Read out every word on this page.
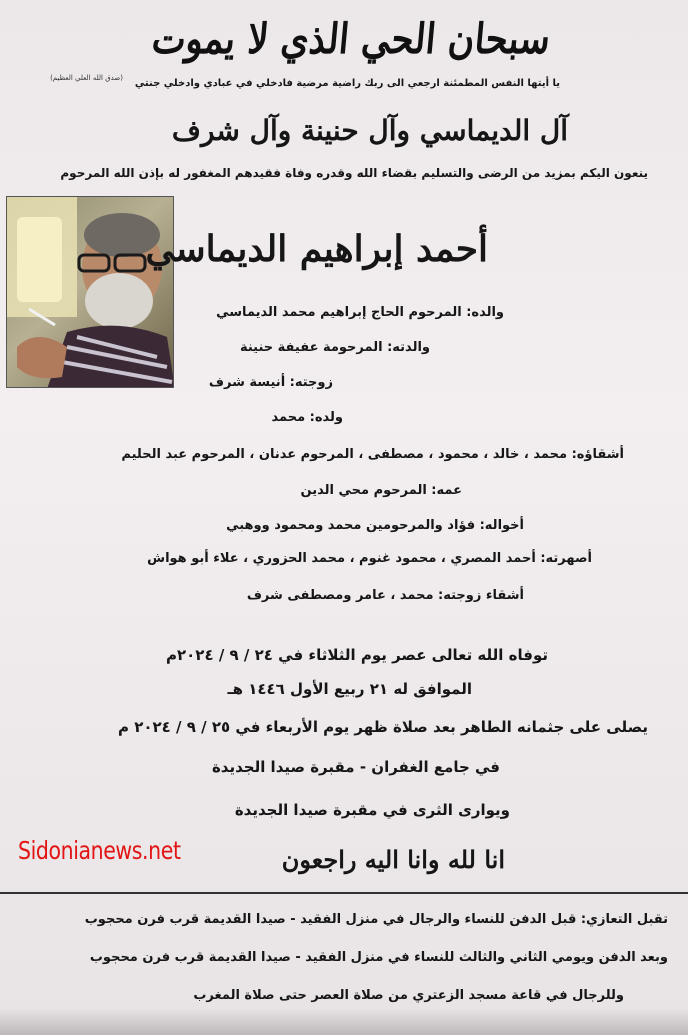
سبحان الحي الذي لا يموت
(صدق الله العلي العظيم) يا أيتها النفس المطمئنة ارجعي الى ربك راضية مرضية فادخلي في عبادي وادخلي جنتي
آل الديماسي وآل حنينة وآل شرف
ينعون اليكم بمزيد من الرضى والتسليم بقضاء الله وقدره وفاة فقيدهم المغفور له بإذن الله المرحوم
أحمد إبراهيم الديماسي
والده: المرحوم الحاج إبراهيم محمد الديماسي
والدته: المرحومة عفيفة حنينة
زوجته: أنيسة شرف
ولده: محمد
أشقاؤه: محمد ، خالد ، محمود ، مصطفى ، المرحوم عدنان ، المرحوم عبد الحليم
عمه: المرحوم محي الدين
أخواله: فؤاد والمرحومين محمد ومحمود ووهبي
أصهرته: أحمد المصري ، محمود غنوم ، محمد الحزوري ، علاء أبو هواش
أشقاء زوجته: محمد ، عامر ومصطفى شرف
توفاه الله تعالى عصر يوم الثلاثاء في ٢٤ / ٩ / ٢٠٢٤م
الموافق له ٢١ ربيع الأول ١٤٤٦ هـ
يصلى على جثمانه الطاهر بعد صلاة ظهر يوم الأربعاء في ٢٥ / ٩ / ٢٠٢٤ م
في جامع الغفران - مقبرة صيدا الجديدة
ويوارى الثرى في مقبرة صيدا الجديدة
انا لله وانا اليه راجعون
Sidonianews.net
تقبل التعازي: قبل الدفن للنساء والرجال في منزل الفقيد - صيدا القديمة قرب فرن محجوب
وبعد الدفن ويومي الثاني والثالث للنساء في منزل الفقيد - صيدا القديمة قرب فرن محجوب
وللرجال في قاعة مسجد الزعتري من صلاة العصر حتى صلاة المغرب
